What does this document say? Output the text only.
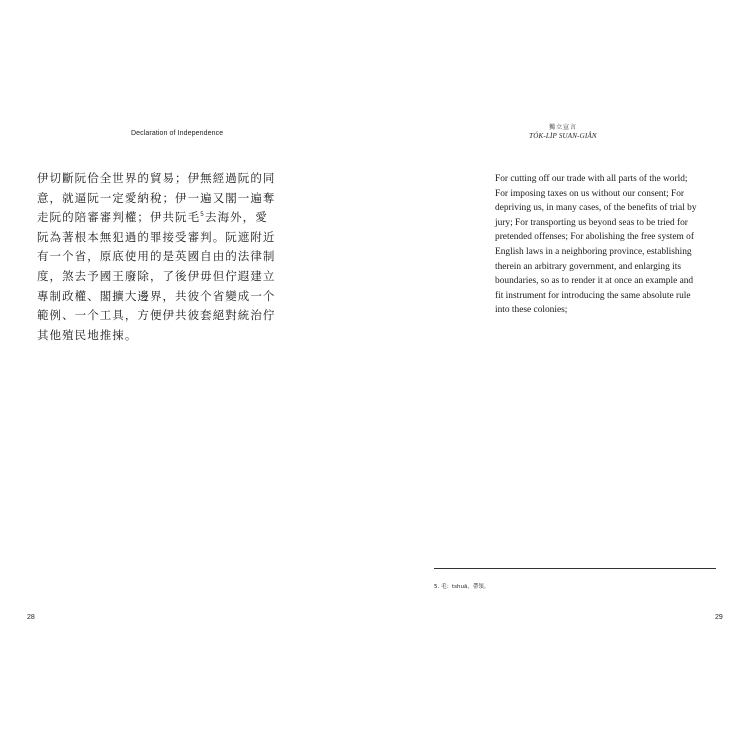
Declaration of Independence

伊切斷阮佮全世界的貿易；伊無經過阮的同
意，就逼阮一定愛納稅；伊一遍又閣一遍奪
走阮的陪審審判權；伊共阮毛$^5$去海外，愛
阮為著根本無犯過的罪接受審判。阮遮附近
有一个省，原底使用的是英國自由的法律制
度，煞去予國王廢除，了後伊毋但佇遐建立
專制政權、閣擴大邊界，共彼个省變成一个
範例、一个工具，方便伊共彼套絕對統治佇
其他殖民地推捒。

28
獨立宣言
TÓK-LI̍P SUAN-GIÂN

For cutting off our trade with all parts of the world;
For imposing taxes on us without our consent; For
depriving us, in many cases, of the benefits of trial by
jury; For transporting us beyond seas to be tried for
pretended offenses; For abolishing the free system of
English laws in a neighboring province, establishing
therein an arbitrary government, and enlarging its
boundaries, so as to render it at once an example and
fit instrument for introducing the same absolute rule
into these colonies;

5. 毛：tshuā，帶領。
29
